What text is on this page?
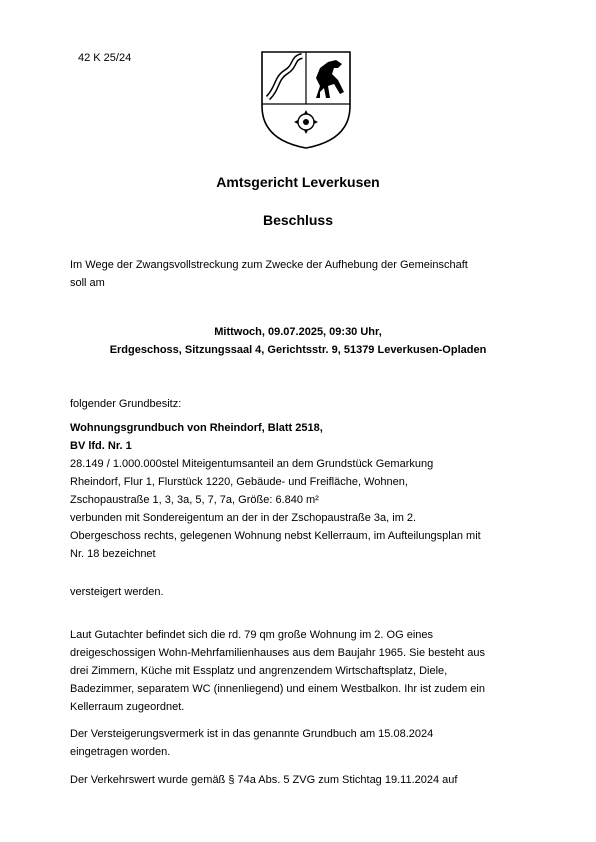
42 K 25/24
Amtsgericht Leverkusen
Beschluss
Im Wege der Zwangsvollstreckung zum Zwecke der Aufhebung der Gemeinschaft
soll am
Mittwoch, 09.07.2025, 09:30 Uhr,
Erdgeschoss, Sitzungssaal 4, Gerichtsstr. 9, 51379 Leverkusen-Opladen
folgender Grundbesitz:
Wohnungsgrundbuch von Rheindorf, Blatt 2518,
BV lfd. Nr. 1
28.149 / 1.000.000stel Miteigentumsanteil an dem Grundstück Gemarkung
Rheindorf, Flur 1, Flurstück 1220, Gebäude- und Freifläche, Wohnen,
Zschopaustraße 1, 3, 3a, 5, 7, 7a, Größe: 6.840 m²
verbunden mit Sondereigentum an der in der Zschopaustraße 3a, im 2.
Obergeschoss rechts, gelegenen Wohnung nebst Kellerraum, im Aufteilungsplan mit
Nr. 18 bezeichnet
versteigert werden.
Laut Gutachter befindet sich die rd. 79 qm große Wohnung im 2. OG eines
dreigeschossigen Wohn-Mehrfamilienhauses aus dem Baujahr 1965. Sie besteht aus
drei Zimmern, Küche mit Essplatz und angrenzendem Wirtschaftsplatz, Diele,
Badezimmer, separatem WC (innenliegend) und einem Westbalkon. Ihr ist zudem ein
Kellerraum zugeordnet.
Der Versteigerungsvermerk ist in das genannte Grundbuch am 15.08.2024
eingetragen worden.
Der Verkehrswert wurde gemäß § 74a Abs. 5 ZVG zum Stichtag 19.11.2024 auf
